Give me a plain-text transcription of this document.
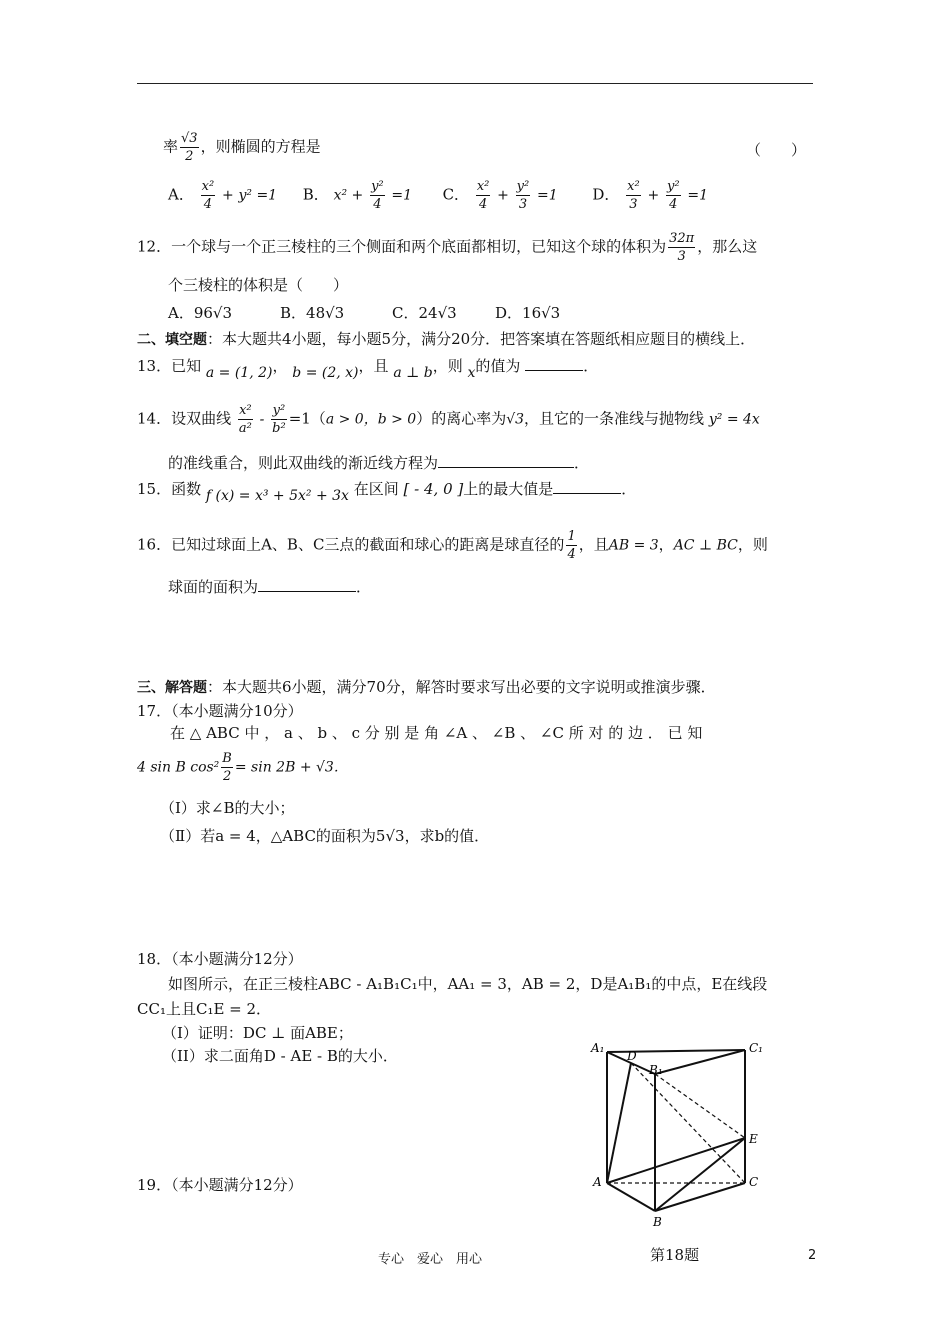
率 $\frac{√3}{2}$ ，则椭圆的方程是	（　　）
A． $\frac{\text{x²}}{4} + y^2 =1$ B． $x^2 + \frac{\text{y²}}{4} =1$ C． $\frac{\text{x²}}{4} + \frac{\text{y²}}{3} =1$ D． $\frac{\text{x²}}{3} + \frac{\text{y²}}{4} =1$
12．一个球与一个正三棱柱的三个侧面和两个底面都相切，已知这个球的体积为 $\frac{32\pi}{3}$ ，那么这
个三棱柱的体积是（　　）
A．96√3	B．48√3	C．24√3	D．16√3
二、填空题：本大题共4小题，每小题5分，满分20分．把答案填在答题纸相应题目的横线上．
13．已知 a = (1, 2)， b = (2, x)，且 a ⊥ b，则 x的值为	．
14．设双曲线 $\frac{\text{x²}}{\text{a²}} - \frac{\text{y²}}{\text{b²}} =1(a > 0$，b > 0）的离心率为√3，且它的一条准线与抛物线 y² = 4x
的准线重合，则此双曲线的渐近线方程为	．
15．函数 f (x) = x³ + 5x² + 3x 在区间 [ - 4, 0 ]上的最大值是	．
16．已知过球面上A、B、C三点的截面和球心的距离是球直径的 $\frac{1}{4}$ ，且AB = 3，AC ⊥ BC，则
球面的面积为	．
三、解答题：本大题共6小题，满分70分，解答时要求写出必要的文字说明或推演步骤．
17．（本小题满分10分）
在 △ ABC 中 ， a 、 b 、 c 分 别 是 角 ∠A 、 ∠B 、 ∠C 所 对 的 边 ． 已 知
4 sin B $\cos^2 \frac{B}{2} = \sin 2B + √3$．
（Ⅰ）求∠B的大小；
（Ⅱ）若a = 4，△ABC的面积为5√3，求b的值．
18．（本小题满分12分）
如图所示，在正三棱柱ABC - A₁B₁C₁中，AA₁ = 3，AB = 2，D是A₁B₁的中点，E在线段
CC₁上且C₁E = 2．
（I）证明：DC ⊥ 面ABE；
（II）求二面角D - AE - B的大小．	A₁
D
B₁
C₁
E
A	C
B
19．（本小题满分12分）
专心　爱心　用心	第18题	2
